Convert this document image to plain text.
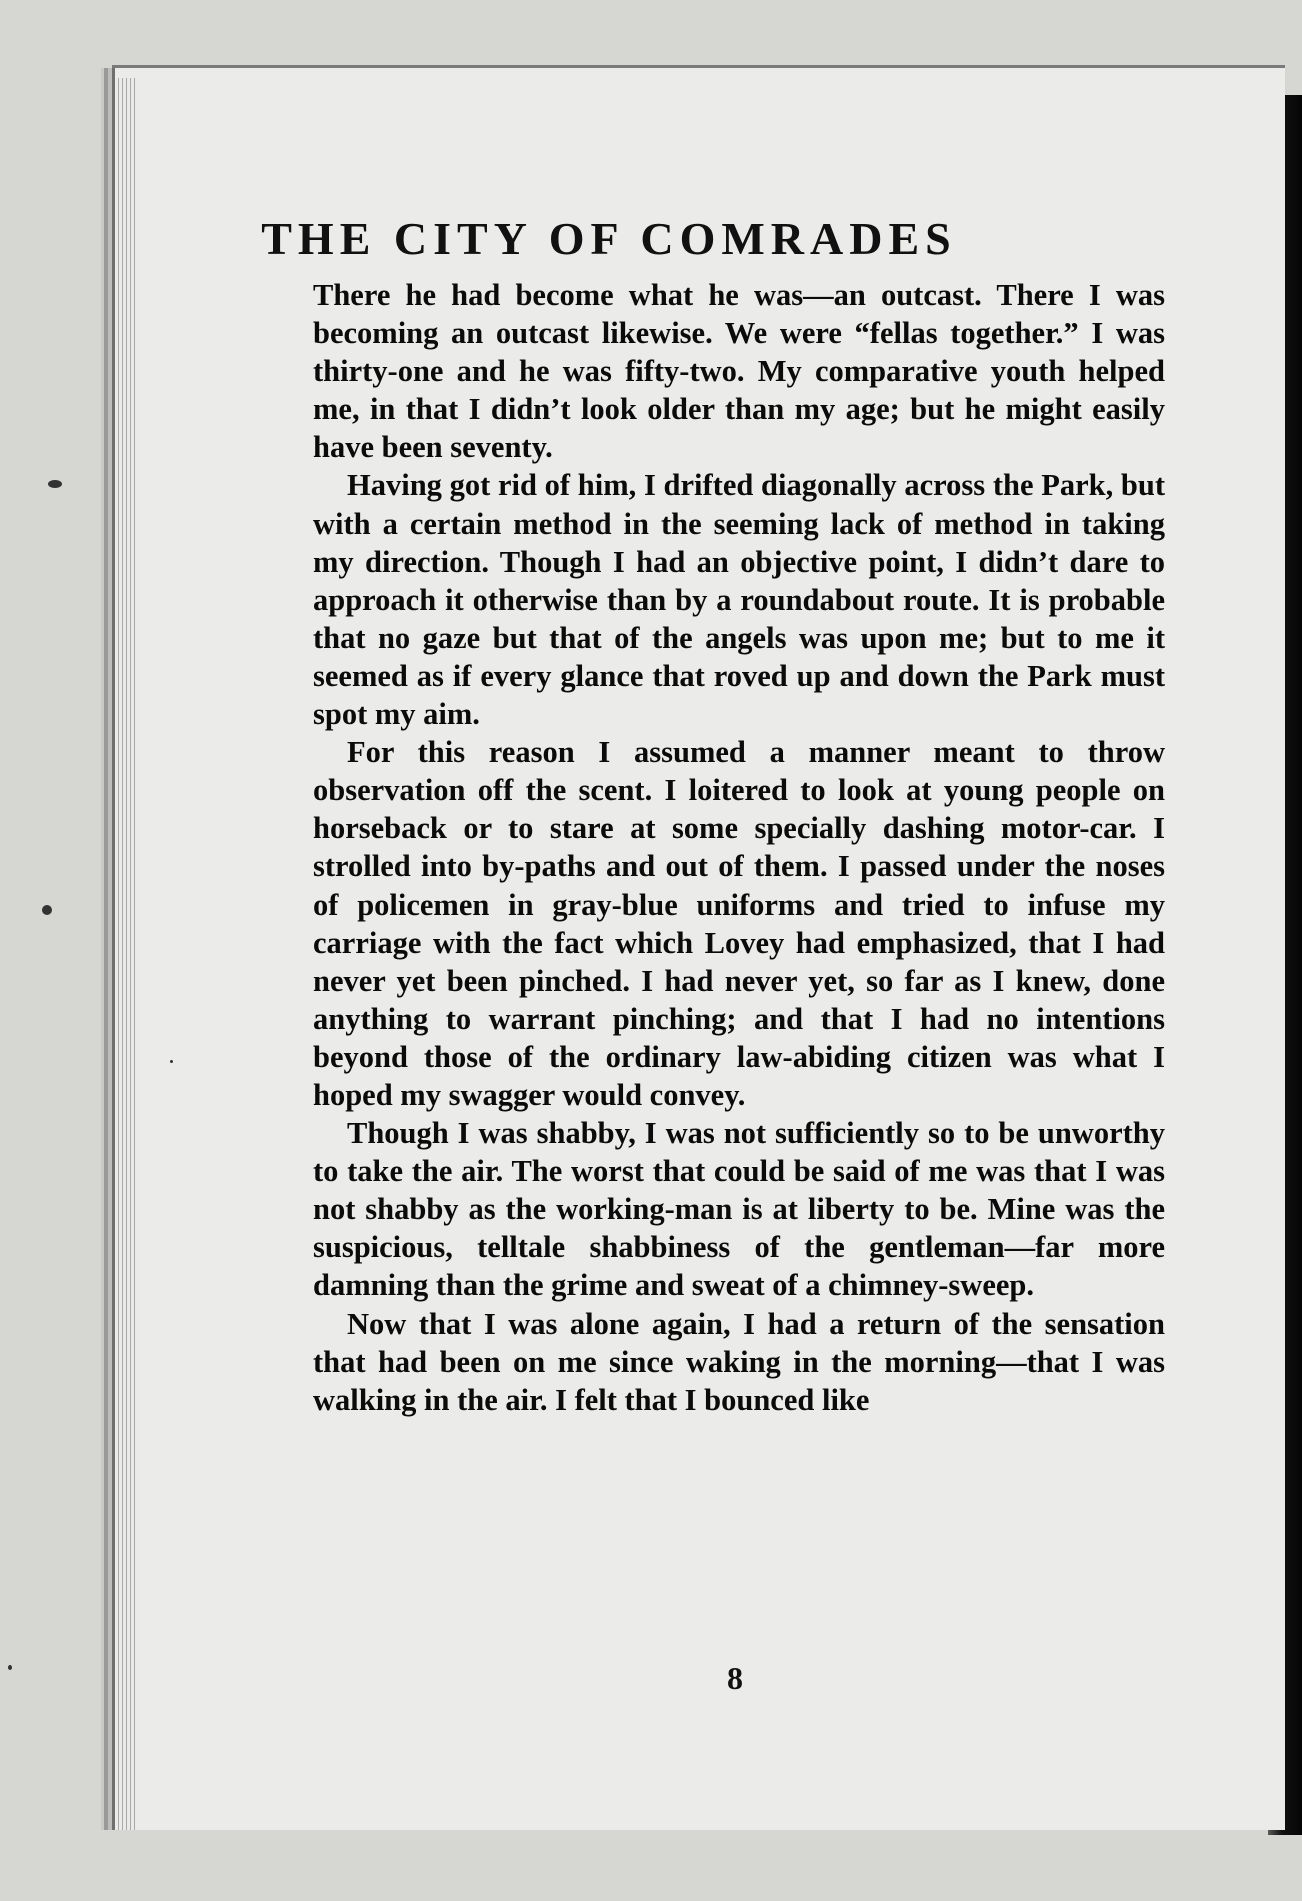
THE CITY OF COMRADES

There he had become what he was—an outcast. There I was becoming an outcast likewise. We were “fellas together.” I was thirty-one and he was fifty-two. My comparative youth helped me, in that I didn’t look older than my age; but he might easily have been seventy.

Having got rid of him, I drifted diagonally across the Park, but with a certain method in the seeming lack of method in taking my direction. Though I had an objective point, I didn’t dare to approach it otherwise than by a roundabout route. It is probable that no gaze but that of the angels was upon me; but to me it seemed as if every glance that roved up and down the Park must spot my aim.

For this reason I assumed a manner meant to throw observation off the scent. I loitered to look at young people on horseback or to stare at some specially dashing motor-car. I strolled into by-paths and out of them. I passed under the noses of policemen in gray-blue uniforms and tried to infuse my carriage with the fact which Lovey had emphasized, that I had never yet been pinched. I had never yet, so far as I knew, done anything to warrant pinching; and that I had no intentions beyond those of the ordinary law-abiding citizen was what I hoped my swagger would convey.

Though I was shabby, I was not sufficiently so to be unworthy to take the air. The worst that could be said of me was that I was not shabby as the working-man is at liberty to be. Mine was the suspicious, telltale shabbiness of the gentleman—far more damning than the grime and sweat of a chimney-sweep.

Now that I was alone again, I had a return of the sensation that had been on me since waking in the morning—that I was walking in the air. I felt that I bounced like

8
